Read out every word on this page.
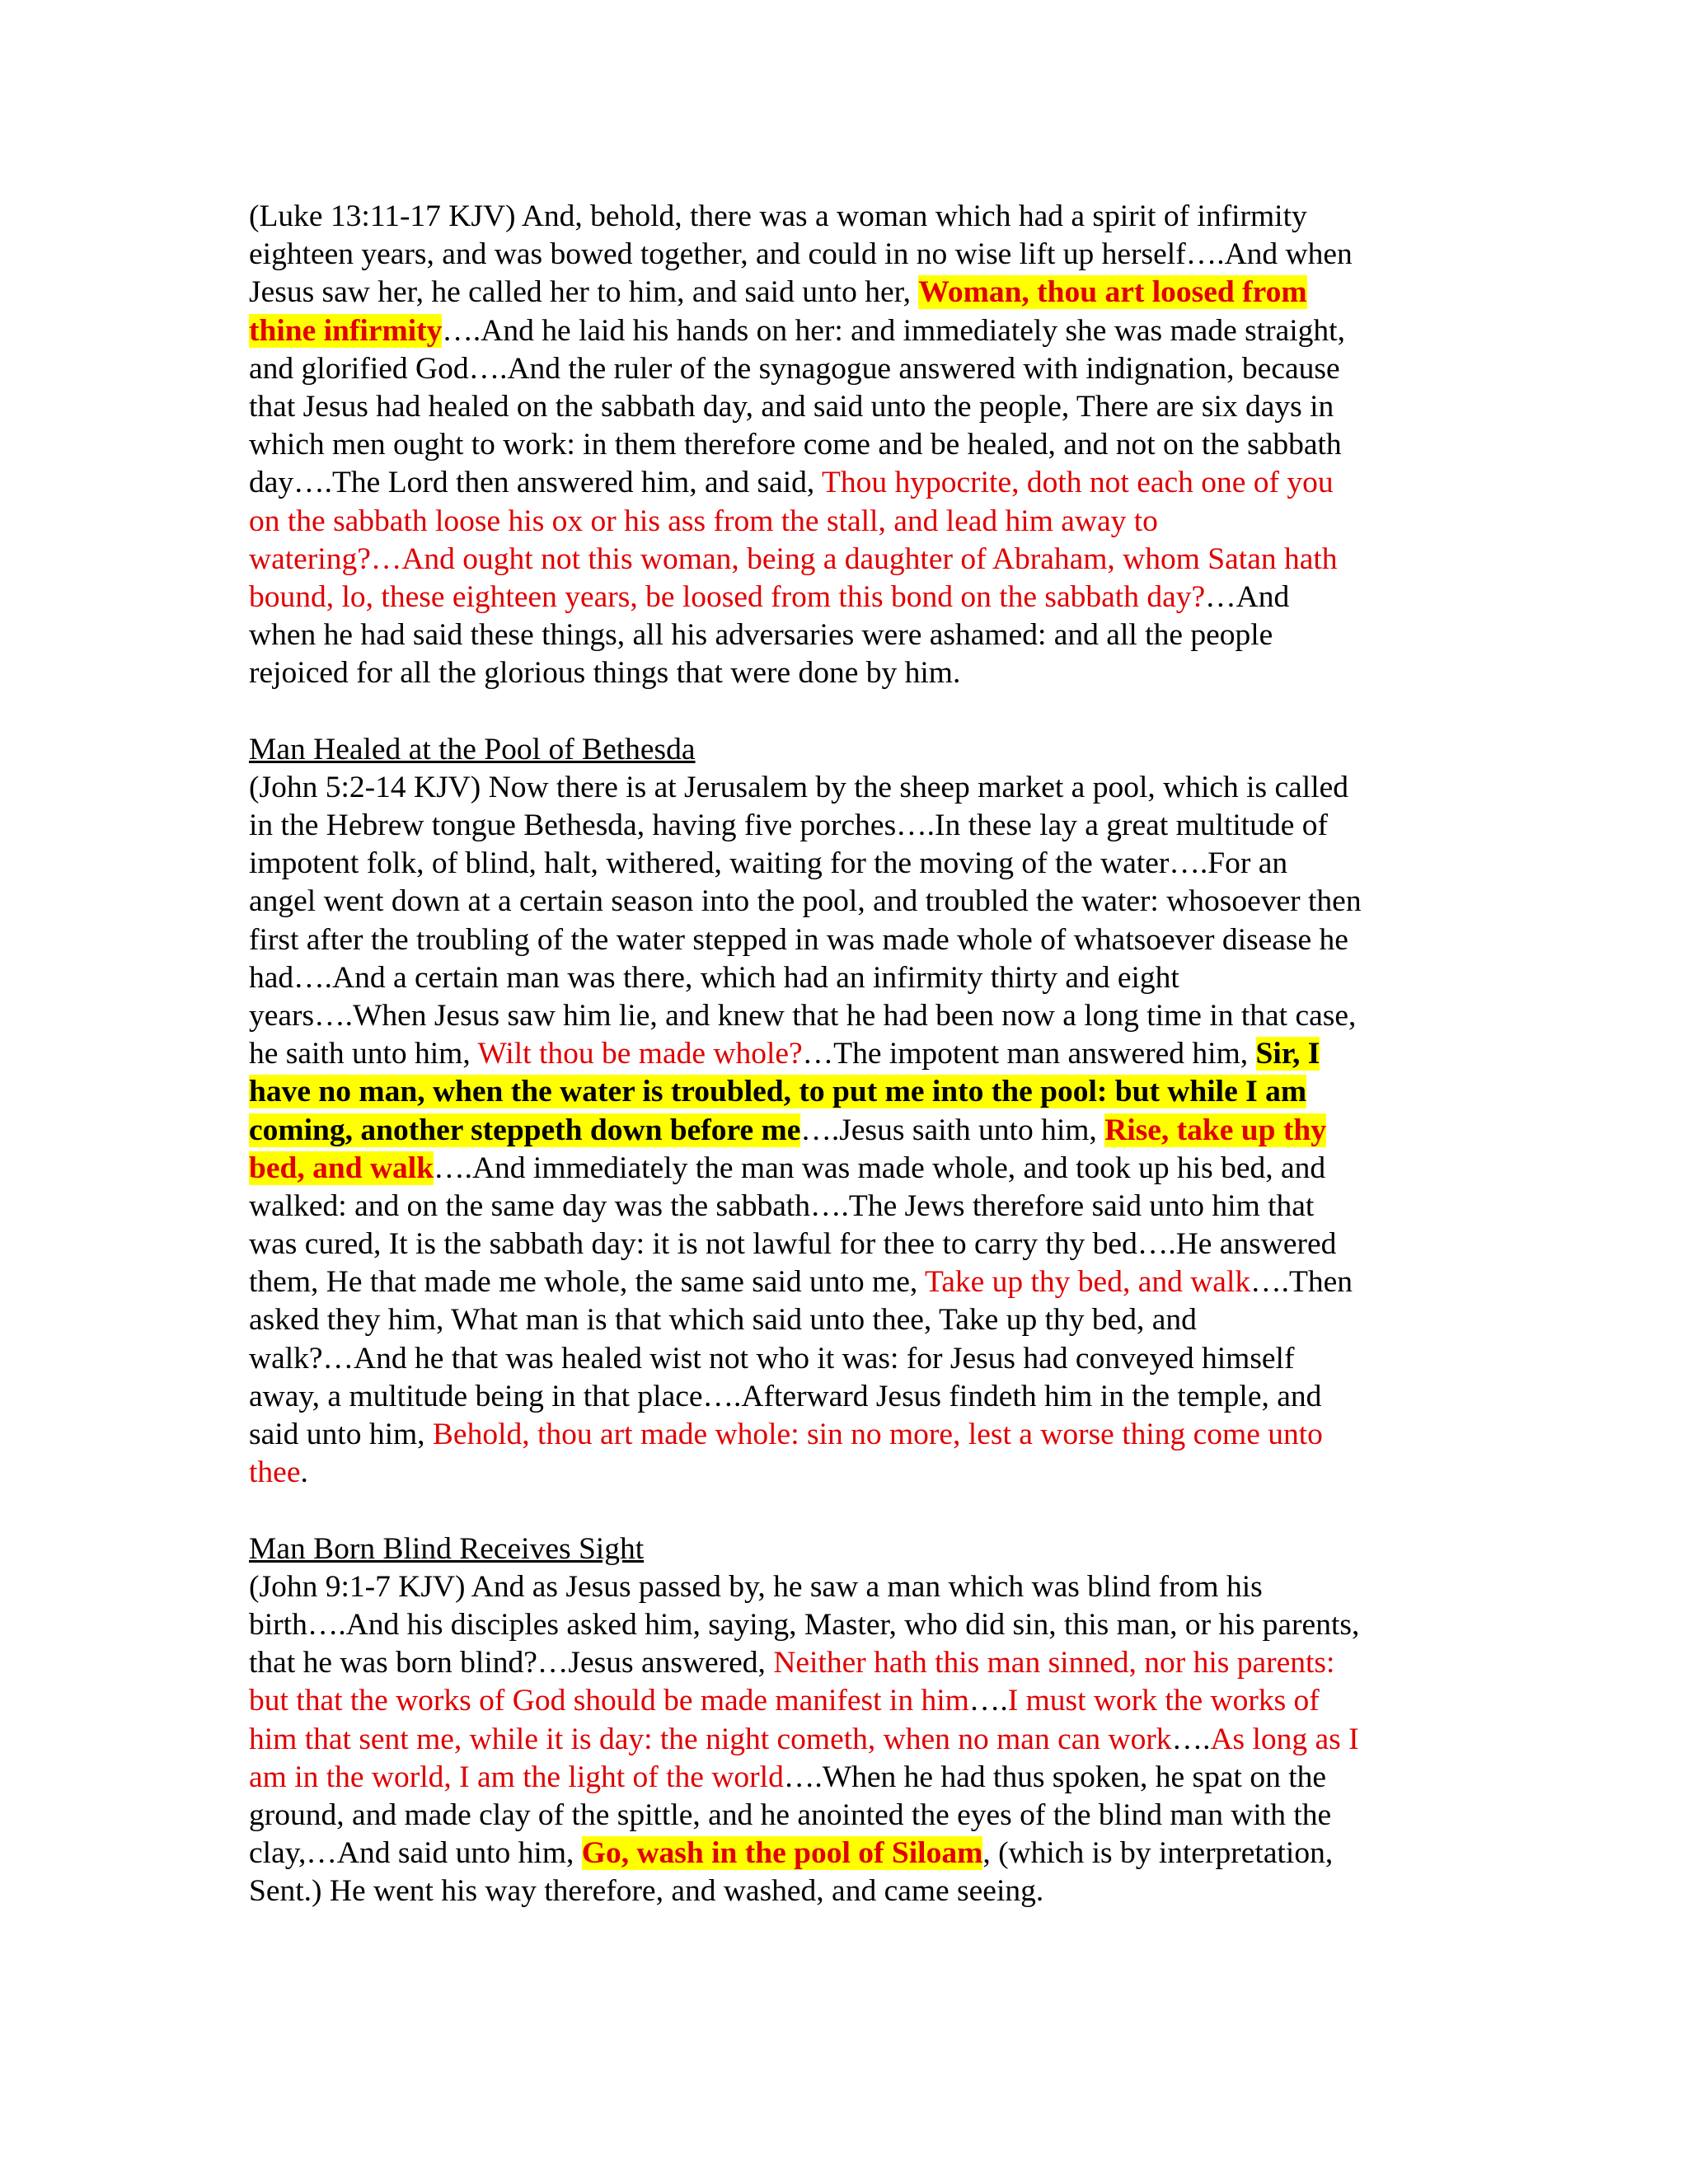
(Luke 13:11-17 KJV) And, behold, there was a woman which had a spirit of infirmity
eighteen years, and was bowed together, and could in no wise lift up herself….And when
Jesus saw her, he called her to him, and said unto her, Woman, thou art loosed from
thine infirmity….And he laid his hands on her: and immediately she was made straight,
and glorified God….And the ruler of the synagogue answered with indignation, because
that Jesus had healed on the sabbath day, and said unto the people, There are six days in
which men ought to work: in them therefore come and be healed, and not on the sabbath
day….The Lord then answered him, and said, Thou hypocrite, doth not each one of you
on the sabbath loose his ox or his ass from the stall, and lead him away to
watering?…And ought not this woman, being a daughter of Abraham, whom Satan hath
bound, lo, these eighteen years, be loosed from this bond on the sabbath day?…And
when he had said these things, all his adversaries were ashamed: and all the people
rejoiced for all the glorious things that were done by him.
Man Healed at the Pool of Bethesda
(John 5:2-14 KJV) Now there is at Jerusalem by the sheep market a pool, which is called
in the Hebrew tongue Bethesda, having five porches….In these lay a great multitude of
impotent folk, of blind, halt, withered, waiting for the moving of the water….For an
angel went down at a certain season into the pool, and troubled the water: whosoever then
first after the troubling of the water stepped in was made whole of whatsoever disease he
had….And a certain man was there, which had an infirmity thirty and eight
years….When Jesus saw him lie, and knew that he had been now a long time in that case,
he saith unto him, Wilt thou be made whole?…The impotent man answered him, Sir, I
have no man, when the water is troubled, to put me into the pool: but while I am
coming, another steppeth down before me….Jesus saith unto him, Rise, take up thy
bed, and walk….And immediately the man was made whole, and took up his bed, and
walked: and on the same day was the sabbath….The Jews therefore said unto him that
was cured, It is the sabbath day: it is not lawful for thee to carry thy bed….He answered
them, He that made me whole, the same said unto me, Take up thy bed, and walk….Then
asked they him, What man is that which said unto thee, Take up thy bed, and
walk?…And he that was healed wist not who it was: for Jesus had conveyed himself
away, a multitude being in that place….Afterward Jesus findeth him in the temple, and
said unto him, Behold, thou art made whole: sin no more, lest a worse thing come unto
thee.
Man Born Blind Receives Sight
(John 9:1-7 KJV) And as Jesus passed by, he saw a man which was blind from his
birth….And his disciples asked him, saying, Master, who did sin, this man, or his parents,
that he was born blind?…Jesus answered, Neither hath this man sinned, nor his parents:
but that the works of God should be made manifest in him….I must work the works of
him that sent me, while it is day: the night cometh, when no man can work….As long as I
am in the world, I am the light of the world….When he had thus spoken, he spat on the
ground, and made clay of the spittle, and he anointed the eyes of the blind man with the
clay,…And said unto him, Go, wash in the pool of Siloam, (which is by interpretation,
Sent.) He went his way therefore, and washed, and came seeing.
